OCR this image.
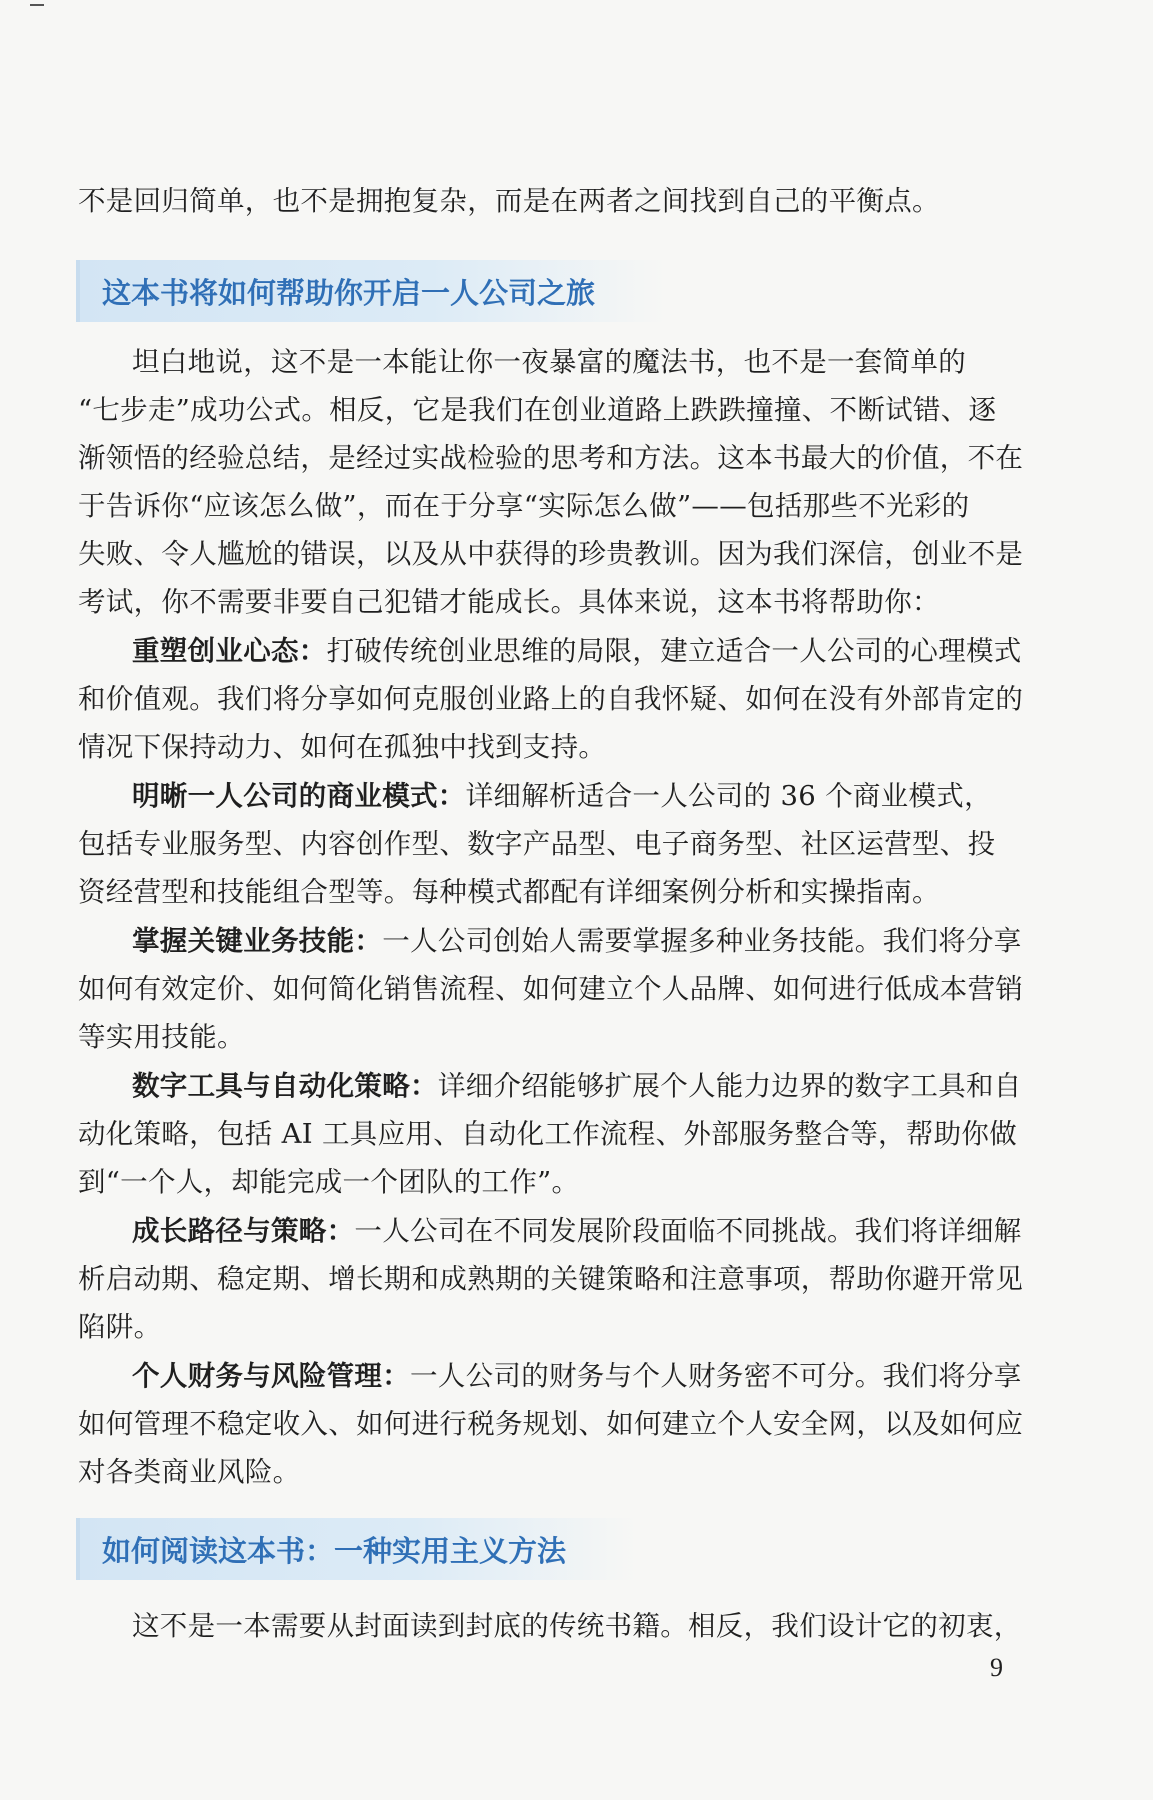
不是回归简单，也不是拥抱复杂，而是在两者之间找到自己的平衡点。
这本书将如何帮助你开启一人公司之旅
坦白地说，这不是一本能让你一夜暴富的魔法书，也不是一套简单的
“七步走”成功公式。相反，它是我们在创业道路上跌跌撞撞、不断试错、逐
渐领悟的经验总结，是经过实战检验的思考和方法。这本书最大的价值，不在
于告诉你“应该怎么做”，而在于分享“实际怎么做”——包括那些不光彩的
失败、令人尴尬的错误，以及从中获得的珍贵教训。因为我们深信，创业不是
考试，你不需要非要自己犯错才能成长。具体来说，这本书将帮助你：
重塑创业心态：打破传统创业思维的局限，建立适合一人公司的心理模式
和价值观。我们将分享如何克服创业路上的自我怀疑、如何在没有外部肯定的
情况下保持动力、如何在孤独中找到支持。
明晰一人公司的商业模式：详细解析适合一人公司的 36 个商业模式，
包括专业服务型、内容创作型、数字产品型、电子商务型、社区运营型、投
资经营型和技能组合型等。每种模式都配有详细案例分析和实操指南。
掌握关键业务技能：一人公司创始人需要掌握多种业务技能。我们将分享
如何有效定价、如何简化销售流程、如何建立个人品牌、如何进行低成本营销
等实用技能。
数字工具与自动化策略：详细介绍能够扩展个人能力边界的数字工具和自
动化策略，包括 AI 工具应用、自动化工作流程、外部服务整合等，帮助你做
到“一个人，却能完成一个团队的工作”。
成长路径与策略：一人公司在不同发展阶段面临不同挑战。我们将详细解
析启动期、稳定期、增长期和成熟期的关键策略和注意事项，帮助你避开常见
陷阱。
个人财务与风险管理：一人公司的财务与个人财务密不可分。我们将分享
如何管理不稳定收入、如何进行税务规划、如何建立个人安全网，以及如何应
对各类商业风险。
如何阅读这本书：一种实用主义方法
这不是一本需要从封面读到封底的传统书籍。相反，我们设计它的初衷，
9
